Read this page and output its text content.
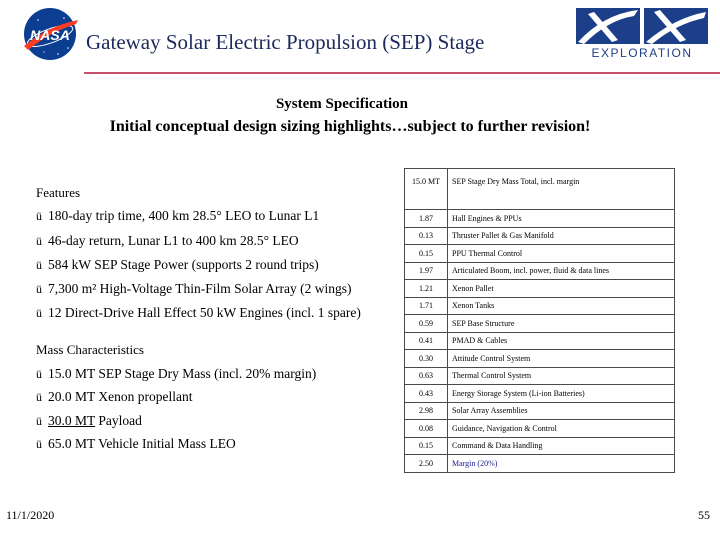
NASA Gateway Solar Electric Propulsion (SEP) Stage	EXPLORATION
System Specification
Initial conceptual design sizing highlights…subject to further revision!
Features
ü 180-day trip time, 400 km 28.5° LEO to Lunar L1
ü 46-day return, Lunar L1 to 400 km 28.5° LEO
ü 584 kW SEP Stage Power (supports 2 round trips)
ü 7,300 m² High-Voltage Thin-Film Solar Array (2 wings)
ü 12 Direct-Drive Hall Effect 50 kW Engines (incl. 1 spare)
Mass Characteristics
ü 15.0 MT SEP Stage Dry Mass (incl. 20% margin)
ü 20.0 MT Xenon propellant
ü 30.0 MT Payload
ü 65.0 MT Vehicle Initial Mass LEO
15.0 MT	SEP Stage Dry Mass Total, incl. margin
1.87	Hall Engines & PPUs
0.13	Thruster Pallet & Gas Manifold
0.15	PPU Thermal Control
1.97	Articulated Boom, incl. power, fluid & data lines
1.21	Xenon Pallet
1.71	Xenon Tanks
0.59	SEP Base Structure
0.41	PMAD & Cables
0.30	Attitude Control System
0.63	Thermal Control System
0.43	Energy Storage System (Li-ion Batteries)
2.98	Solar Array Assemblies
0.08	Guidance, Navigation & Control
0.15	Command & Data Handling
2.50	Margin (20%)
11/1/2020	55
